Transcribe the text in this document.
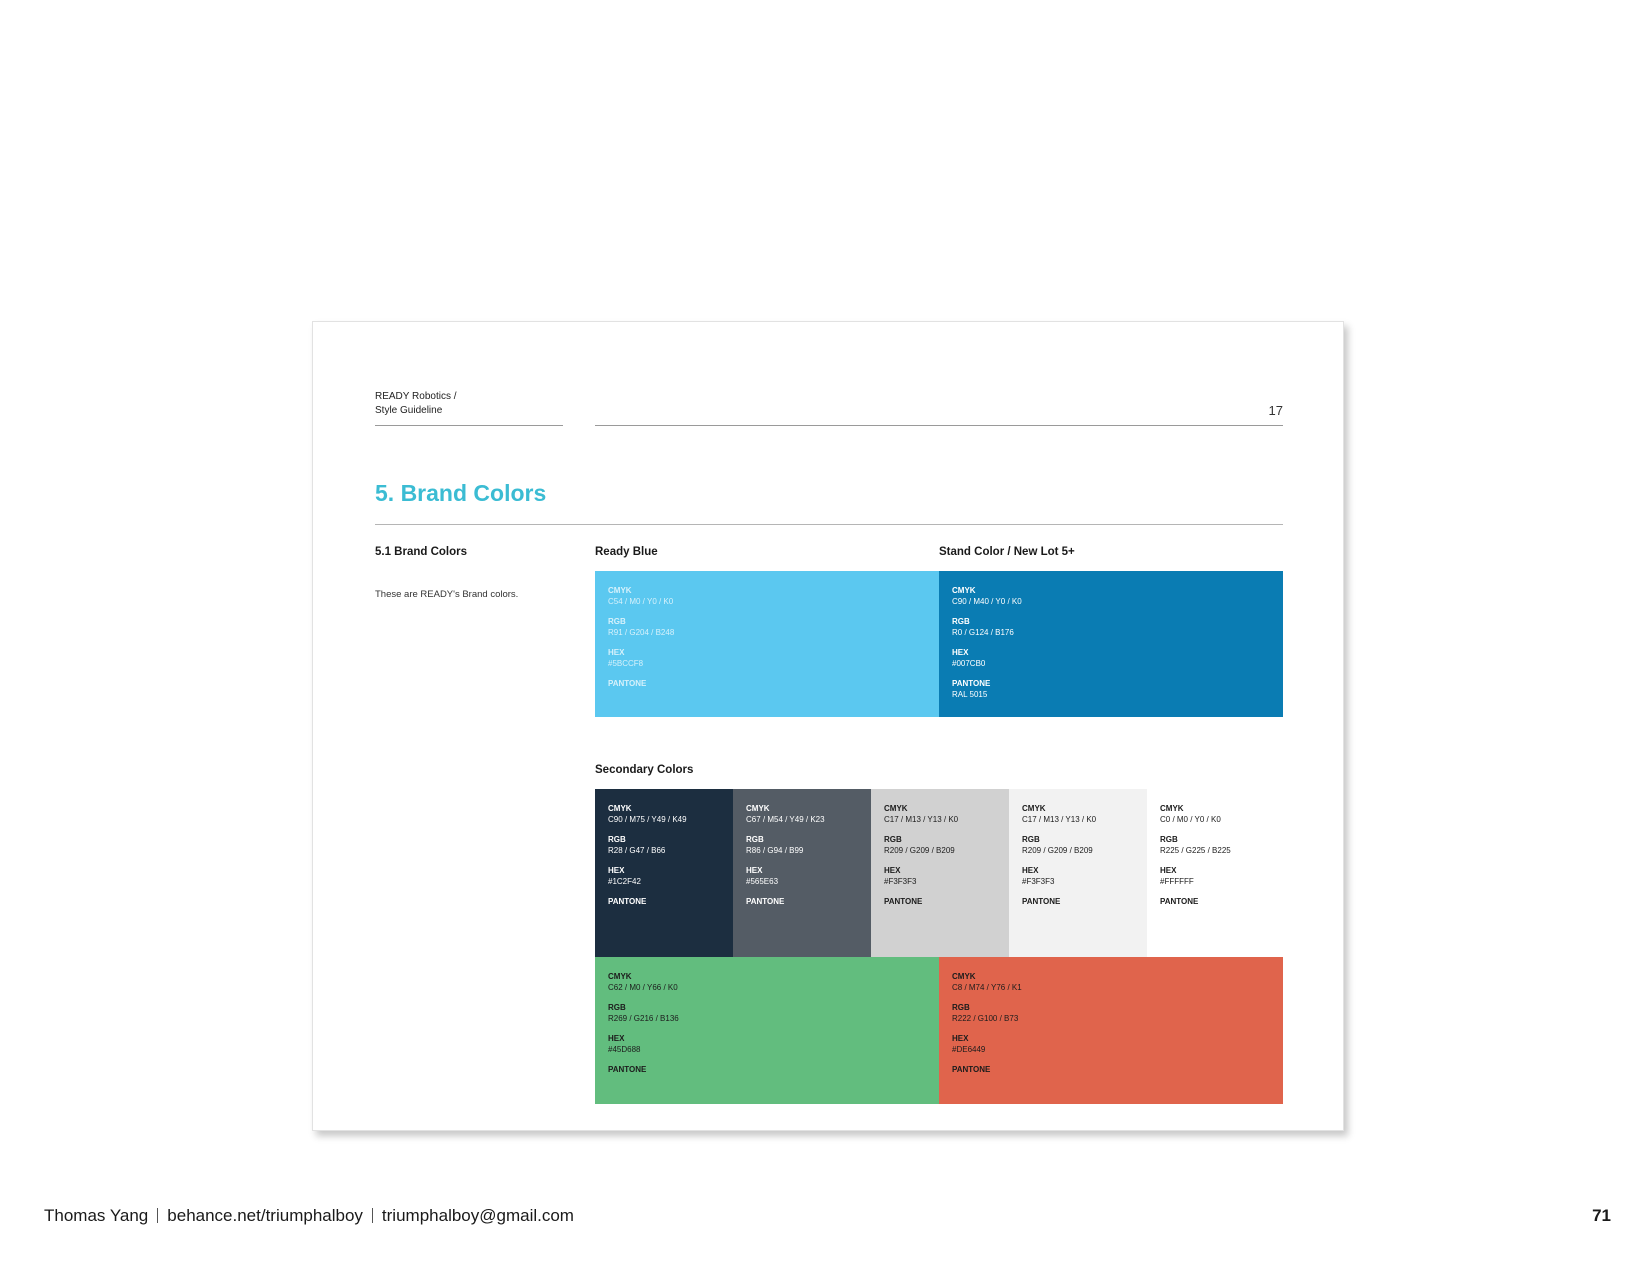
READY Robotics /
Style Guideline	17
5. Brand Colors
5.1 Brand Colors
These are READY's Brand colors.
Ready Blue	Stand Color / New Lot 5+
CMYK
C54 / M0 / Y0 / K0
RGB
R91 / G204 / B248
HEX
#5BCCF8
PANTONE
CMYK
C90 / M40 / Y0 / K0
RGB
R0 / G124 / B176
HEX
#007CB0
PANTONE
RAL 5015
Secondary Colors
CMYK
C90 / M75 / Y49 / K49
RGB
R28 / G47 / B66
HEX
#1C2F42
PANTONE
CMYK
C67 / M54 / Y49 / K23
RGB
R86 / G94 / B99
HEX
#565E63
PANTONE
CMYK
C17 / M13 / Y13 / K0
RGB
R209 / G209 / B209
HEX
#F3F3F3
PANTONE
CMYK
C17 / M13 / Y13 / K0
RGB
R209 / G209 / B209
HEX
#F3F3F3
PANTONE
CMYK
C0 / M0 / Y0 / K0
RGB
R225 / G225 / B225
HEX
#FFFFFF
PANTONE
CMYK
C62 / M0 / Y66 / K0
RGB
R269 / G216 / B136
HEX
#45D688
PANTONE
CMYK
C8 / M74 / Y76 / K1
RGB
R222 / G100 / B73
HEX
#DE6449
PANTONE
Thomas Yang behance.net/triumphalboy triumphalboy@gmail.com	71
